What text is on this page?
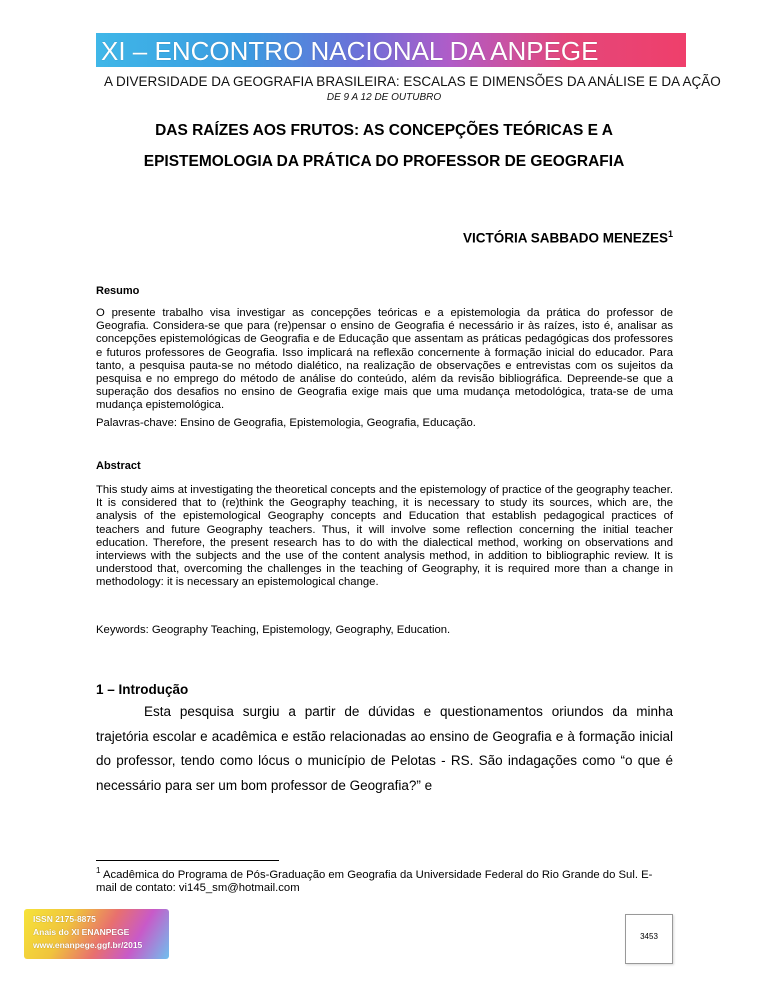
XI – ENCONTRO NACIONAL DA ANPEGE
A DIVERSIDADE DA GEOGRAFIA BRASILEIRA: ESCALAS E DIMENSÕES DA ANÁLISE E DA AÇÃO
DE 9 A 12 DE OUTUBRO
DAS RAÍZES AOS FRUTOS: AS CONCEPÇÕES TEÓRICAS E A
EPISTEMOLOGIA DA PRÁTICA DO PROFESSOR DE GEOGRAFIA
VICTÓRIA SABBADO MENEZES$^1$
Resumo
O presente trabalho visa investigar as concepções teóricas e a epistemologia da prática do professor de Geografia. Considera-se que para (re)pensar o ensino de Geografia é necessário ir às raízes, isto é, analisar as concepções epistemológicas de Geografia e de Educação que assentam as práticas pedagógicas dos professores e futuros professores de Geografia. Isso implicará na reflexão concernente à formação inicial do educador. Para tanto, a pesquisa pauta-se no método dialético, na realização de observações e entrevistas com os sujeitos da pesquisa e no emprego do método de análise do conteúdo, além da revisão bibliográfica. Depreende-se que a superação dos desafios no ensino de Geografia exige mais que uma mudança metodológica, trata-se de uma mudança epistemológica.
Palavras-chave: Ensino de Geografia, Epistemologia, Geografia, Educação.
Abstract
This study aims at investigating the theoretical concepts and the epistemology of practice of the geography teacher. It is considered that to (re)think the Geography teaching, it is necessary to study its sources, which are, the analysis of the epistemological Geography concepts and Education that establish pedagogical practices of teachers and future Geography teachers. Thus, it will involve some reflection concerning the initial teacher education. Therefore, the present research has to do with the dialectical method, working on observations and interviews with the subjects and the use of the content analysis method, in addition to bibliographic review. It is understood that, overcoming the challenges in the teaching of Geography, it is required more than a change in methodology: it is necessary an epistemological change.
Keywords: Geography Teaching, Epistemology, Geography, Education.
1 – Introdução
Esta pesquisa surgiu a partir de dúvidas e questionamentos oriundos da minha trajetória escolar e acadêmica e estão relacionadas ao ensino de Geografia e à formação inicial do professor, tendo como lócus o município de Pelotas - RS. São indagações como “o que é necessário para ser um bom professor de Geografia?” e
$^1$ Acadêmica do Programa de Pós-Graduação em Geografia da Universidade Federal do Rio Grande do Sul. E-mail de contato: vi145_sm@hotmail.com
ISSN 2175-8875
Anais do XI ENANPEGE
www.enanpege.ggf.br/2015
3453
